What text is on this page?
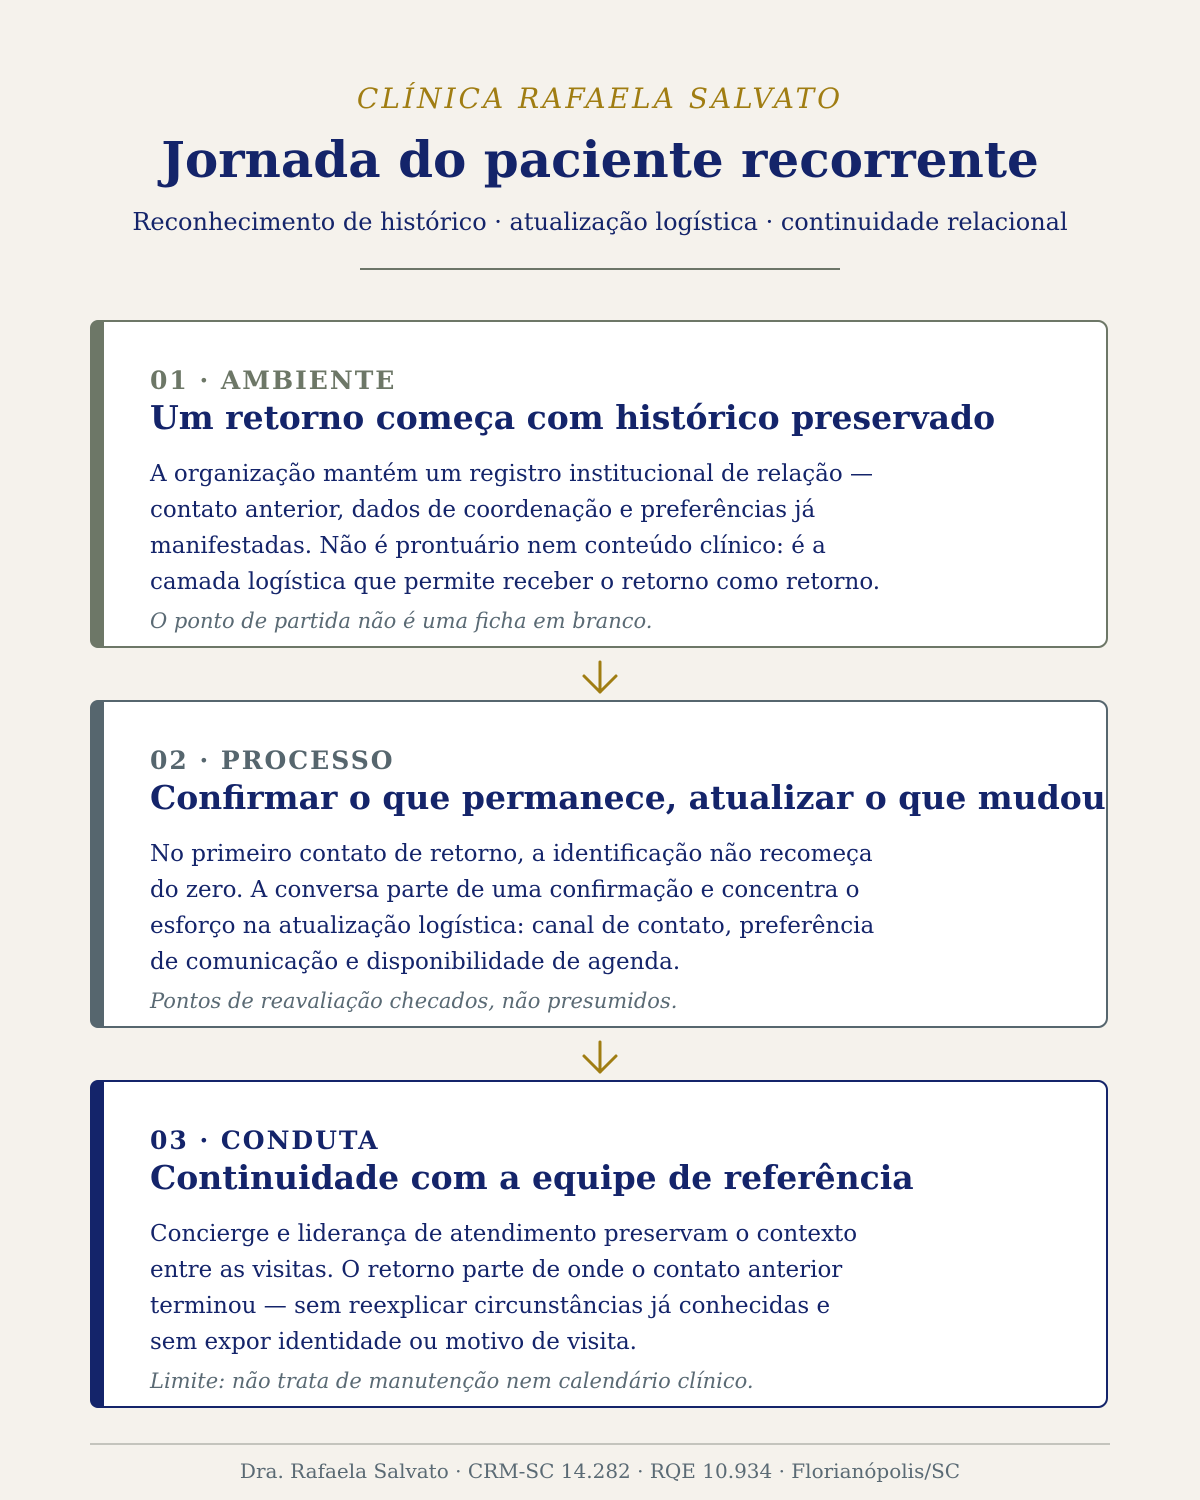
CLÍNICA RAFAELA SALVATO
Jornada do paciente recorrente
Reconhecimento de histórico · atualização logística · continuidade relacional
01 · AMBIENTE
Um retorno começa com histórico preservado
A organização mantém um registro institucional de relação —
contato anterior, dados de coordenação e preferências já
manifestadas. Não é prontuário nem conteúdo clínico: é a
camada logística que permite receber o retorno como retorno.
O ponto de partida não é uma ficha em branco.
02 · PROCESSO
Confirmar o que permanece, atualizar o que mudou
No primeiro contato de retorno, a identificação não recomeça
do zero. A conversa parte de uma confirmação e concentra o
esforço na atualização logística: canal de contato, preferência
de comunicação e disponibilidade de agenda.
Pontos de reavaliação checados, não presumidos.
03 · CONDUTA
Continuidade com a equipe de referência
Concierge e liderança de atendimento preservam o contexto
entre as visitas. O retorno parte de onde o contato anterior
terminou — sem reexplicar circunstâncias já conhecidas e
sem expor identidade ou motivo de visita.
Limite: não trata de manutenção nem calendário clínico.
Dra. Rafaela Salvato · CRM-SC 14.282 · RQE 10.934 · Florianópolis/SC
